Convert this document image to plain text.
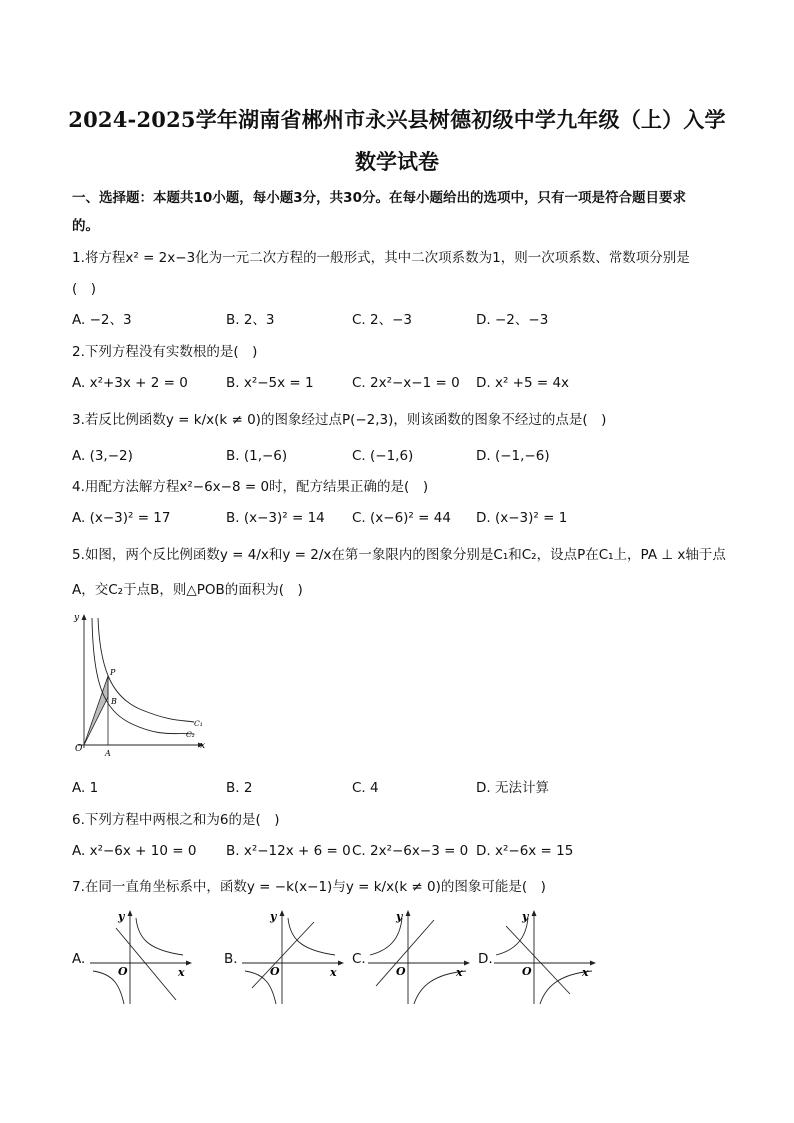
2024-2025学年湖南省郴州市永兴县树德初级中学九年级（上）入学
数学试卷
一、选择题：本题共10小题，每小题3分，共30分。在每小题给出的选项中，只有一项是符合题目要求
的。
1.将方程x² = 2x−3化为一元二次方程的一般形式，其中二次项系数为1，则一次项系数、常数项分别是
(　)
A. −2、3	B. 2、3	C. 2、−3	D. −2、−3
2.下列方程没有实数根的是(　)
A. x²+3x + 2 = 0	B. x²−5x = 1	C. 2x²−x−1 = 0 D. x² +5 = 4x
3.若反比例函数y = k/x(k ≠ 0)的图象经过点P(−2,3)，则该函数的图象不经过的点是(　)
A. (3,−2)	B. (1,−6)	C. (−1,6)	D. (−1,−6)
4.用配方法解方程x²−6x−8 = 0时，配方结果正确的是(　)
A. (x−3)² = 17	B. (x−3)² = 14 C. (x−6)² = 44 D. (x−3)² = 1
5.如图，两个反比例函数y = 4/x和y = 2/x在第一象限内的图象分别是C₁和C₂，设点P在C₁上，PA ⊥ x轴于点
A，交C₂于点B，则△POB的面积为(　)
y
x
O	A
B
P
C₁
C₂
A. 1	B. 2	C. 4	D. 无法计算
6.下列方程中两根之和为6的是(　)
A. x²−6x + 10 = 0 B. x²−12x + 6 = 0 C. 2x²−6x−3 = 0 D. x²−6x = 15
7.在同一直角坐标系中，函数y = −k(x−1)与y = k/x(k ≠ 0)的图象可能是(　)
A.
y
x
O
B.
y
x
O
C.
y
x
O
D.
y
x
O
